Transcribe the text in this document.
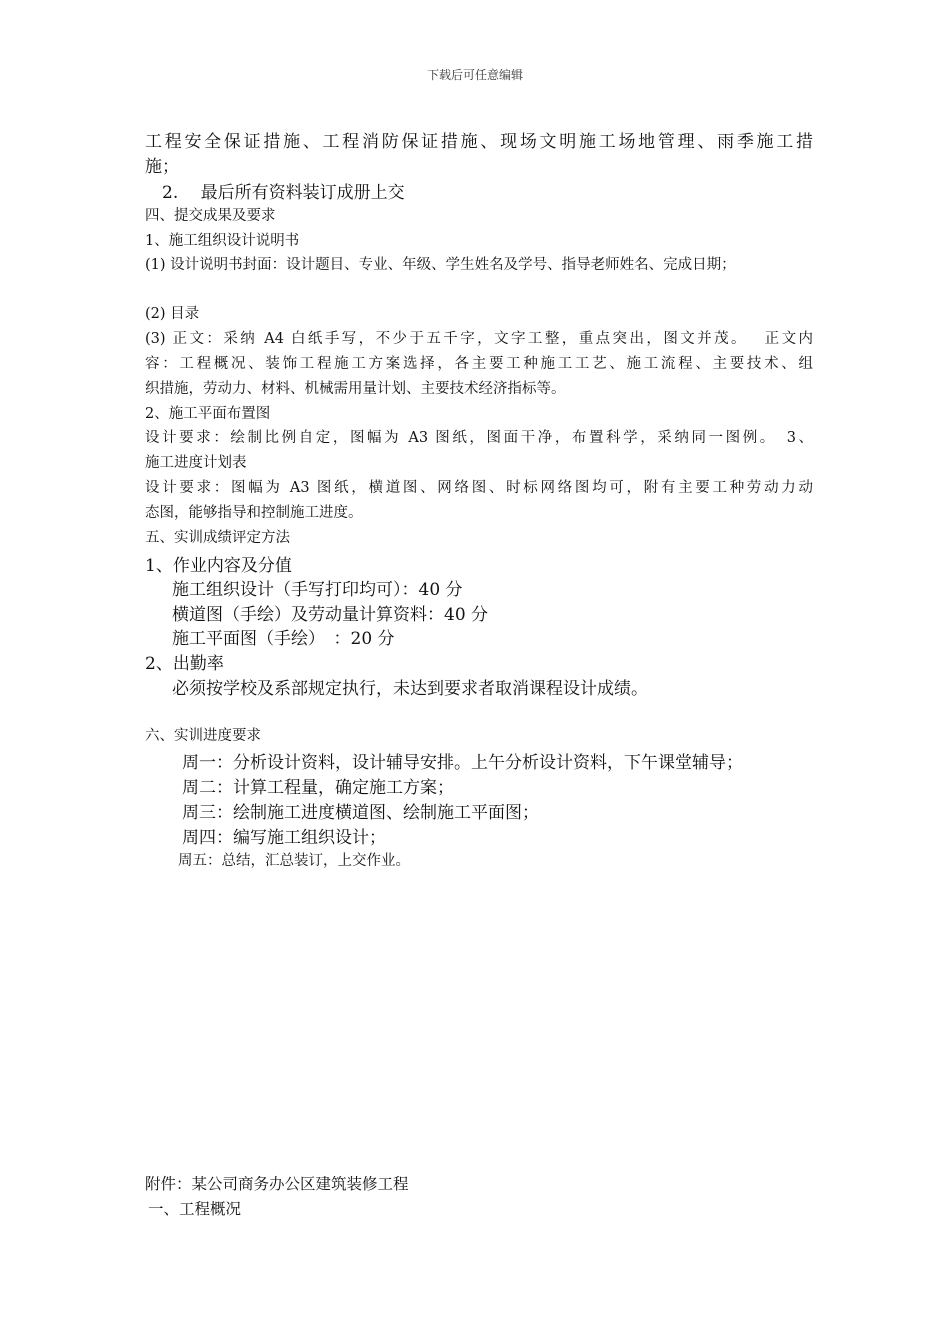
下载后可任意编辑
工程安全保证措施、工程消防保证措施、现场文明施工场地管理、雨季施工措
施；
2.　 最后所有资料装订成册上交
四、提交成果及要求
1、施工组织设计说明书
(1) 设计说明书封面：设计题目、专业、年级、学生姓名及学号、指导老师姓名、完成日期；
(2) 目录
(3) 正文：采纳 A4 白纸手写，不少于五千字，文字工整，重点突出，图文并茂。　 正文内
容：工程概况、装饰工程施工方案选择，各主要工种施工工艺、施工流程、主要技术、组
织措施，劳动力、材料、机械需用量计划、主要技术经济指标等。
2、施工平面布置图
设计要求：绘制比例自定，图幅为 A3 图纸，图面干净，布置科学，采纳同一图例。　3、
施工进度计划表
设计要求：图幅为 A3 图纸，横道图、网络图、时标网络图均可，附有主要工种劳动力动
态图，能够指导和控制施工进度。
五、实训成绩评定方法
1、作业内容及分值
施工组织设计（手写打印均可）：40 分
横道图（手绘）及劳动量计算资料：40 分
施工平面图（手绘）　：20 分
2、出勤率
必须按学校及系部规定执行，未达到要求者取消课程设计成绩。
六、实训进度要求
周一：分析设计资料，设计辅导安排。上午分析设计资料，下午课堂辅导；
周二：计算工程量，确定施工方案；
周三：绘制施工进度横道图、绘制施工平面图；
周四：编写施工组织设计；
周五：总结，汇总装订，上交作业。
附件：某公司商务办公区建筑装修工程
一、工程概况
